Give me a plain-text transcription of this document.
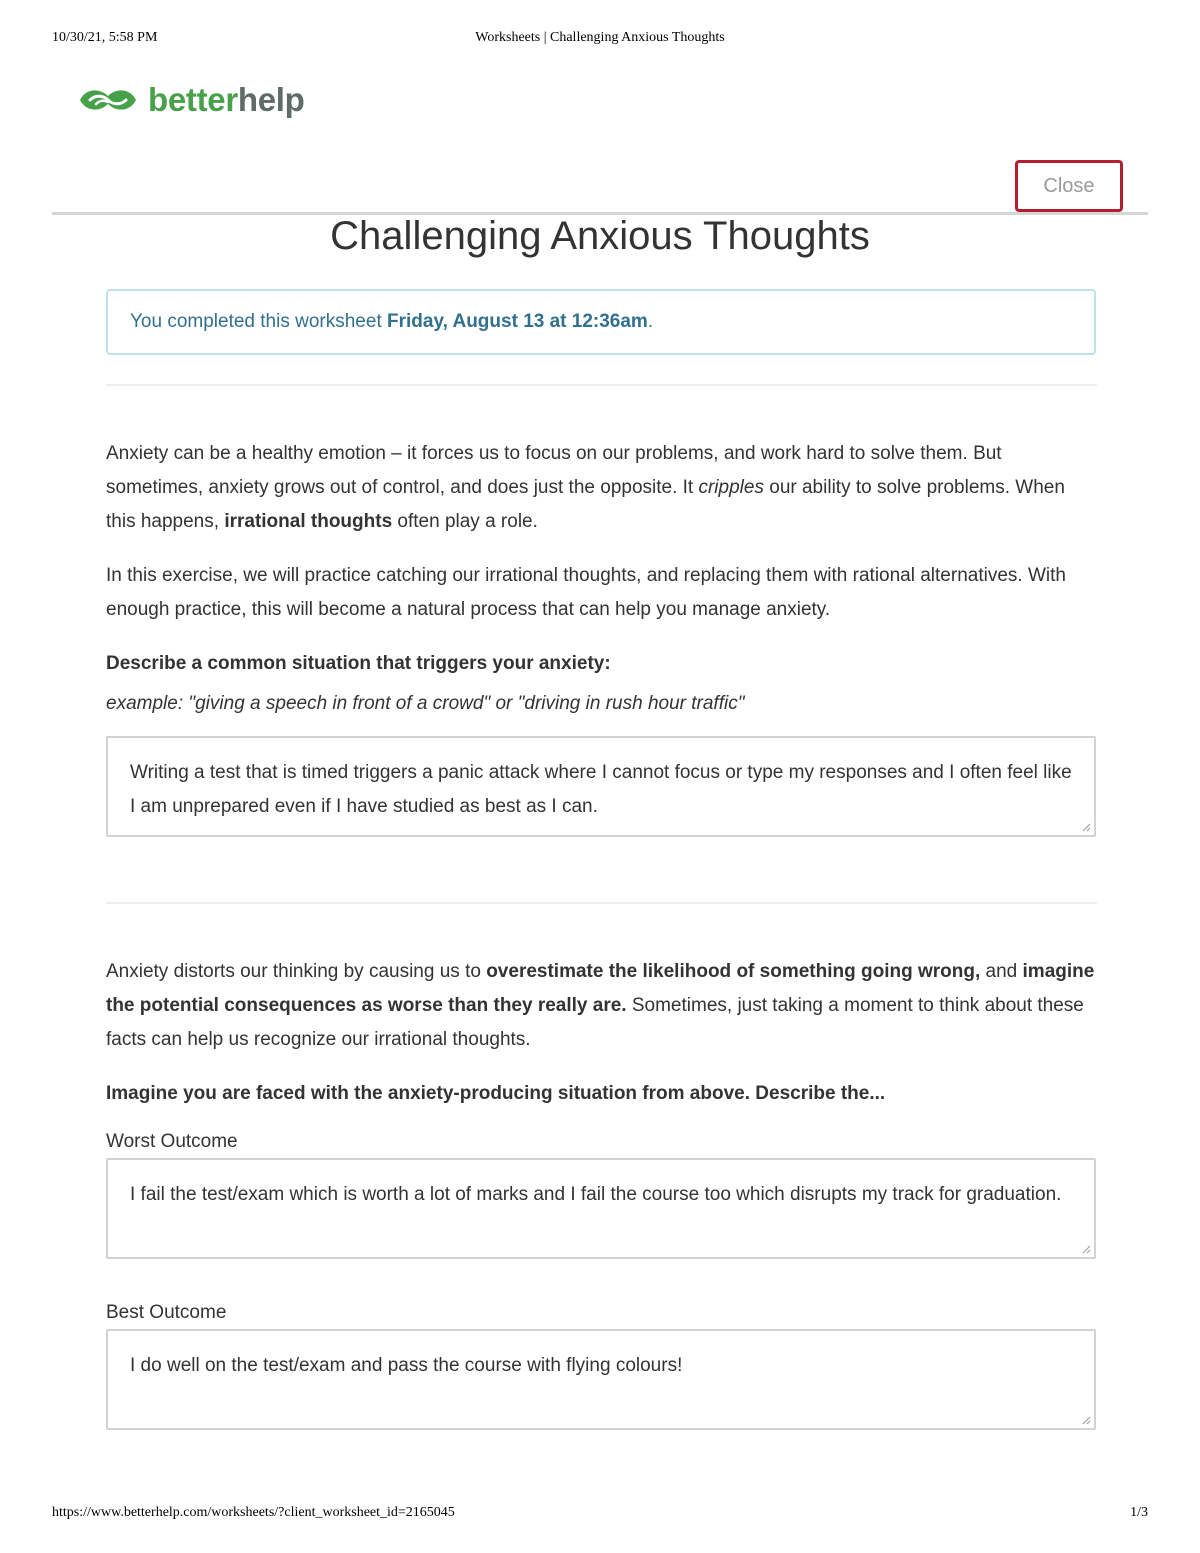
10/30/21, 5:58 PM	Worksheets | Challenging Anxious Thoughts
betterhelp
Close
Challenging Anxious Thoughts
You completed this worksheet Friday, August 13 at 12:36am.

Anxiety can be a healthy emotion – it forces us to focus on our problems, and work hard to solve them. But sometimes, anxiety grows out of control, and does just the opposite. It cripples our ability to solve problems. When this happens, irrational thoughts often play a role.

In this exercise, we will practice catching our irrational thoughts, and replacing them with rational alternatives. With enough practice, this will become a natural process that can help you manage anxiety.

Describe a common situation that triggers your anxiety:

example: "giving a speech in front of a crowd" or "driving in rush hour traffic"

Writing a test that is timed triggers a panic attack where I cannot focus or type my responses and I often feel like I am unprepared even if I have studied as best as I can.

Anxiety distorts our thinking by causing us to overestimate the likelihood of something going wrong, and imagine the potential consequences as worse than they really are. Sometimes, just taking a moment to think about these facts can help us recognize our irrational thoughts.

Imagine you are faced with the anxiety-producing situation from above. Describe the...

Worst Outcome

I fail the test/exam which is worth a lot of marks and I fail the course too which disrupts my track for graduation.

Best Outcome

I do well on the test/exam and pass the course with flying colours!
https://www.betterhelp.com/worksheets/?client_worksheet_id=2165045	1/3
